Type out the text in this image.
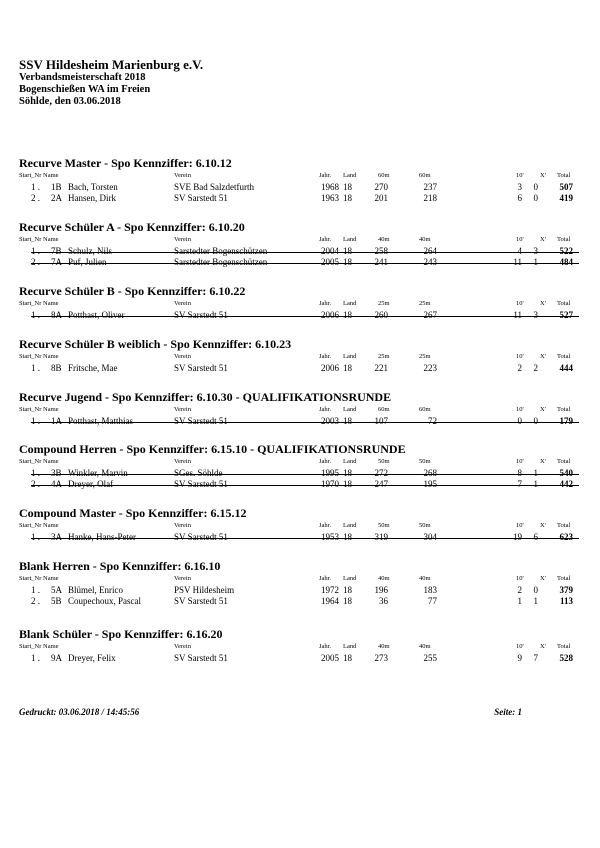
SSV Hildesheim Marienburg e.V.
Verbandsmeisterschaft 2018
Bogenschießen WA im Freien
Söhlde, den 03.06.2018
Recurve Master - Spo Kennziffer: 6.10.12
Start_Nr Name	Verein	Jahr. Land	60m	60m	10'	X' Total
1 . 1B Bach, Torsten	SVE Bad Salzdetfurth	1968 18	270	237	3 0 507
2 . 2A Hansen, Dirk	SV Sarstedt 51	1963 18	201	218	6 0 419
Recurve Schüler A - Spo Kennziffer: 6.10.20
Start_Nr Name	Verein	Jahr. Land	40m	40m	10'	X' Total
1 . 7B Schulz, Nils	Sarstedter Bogenschützen	2004 18	258	264	4 3 522
2 . 7A Puf, Julien	Sarstedter Bogenschützen	2005 18	241	243	11 1 484
Recurve Schüler B - Spo Kennziffer: 6.10.22
Start_Nr Name	Verein	Jahr. Land	25m	25m	10'	X' Total
1 . 8A Potthast, Oliver	SV Sarstedt 51	2006 18	260	267	11 3 527
Recurve Schüler B weiblich - Spo Kennziffer: 6.10.23
Start_Nr Name	Verein	Jahr. Land	25m	25m	10'	X' Total
1 . 8B Fritsche, Mae	SV Sarstedt 51	2006 18	221	223	2 2 444
Recurve Jugend - Spo Kennziffer: 6.10.30 - QUALIFIKATIONSRUNDE
Start_Nr Name	Verein	Jahr. Land	60m	60m	10'	X' Total
1 . 1A Potthast, Matthias	SV Sarstedt 51	2003 18	107	72	0 0 179
Compound Herren - Spo Kennziffer: 6.15.10 - QUALIFIKATIONSRUNDE
Start_Nr Name	Verein	Jahr. Land	50m	50m	10'	X' Total
1 . 3B Winkler, Marvin	SGes. Söhlde	1995 18	272	268	8 1 540
2 . 4A Dreyer, Olaf	SV Sarstedt 51	1970 18	247	195	7 1 442
Compound Master - Spo Kennziffer: 6.15.12
Start_Nr Name	Verein	Jahr. Land	50m	50m	10'	X' Total
1 . 3A Hanke, Hans-Peter	SV Sarstedt 51	1953 18	319	304	19 6 623
Blank Herren - Spo Kennziffer: 6.16.10
Start_Nr Name	Verein	Jahr. Land	40m	40m	10'	X' Total
1 . 5A Blümel, Enrico	PSV Hildesheim	1972 18	196	183	2 0 379
2 . 5B Coupechoux, Pascal	SV Sarstedt 51	1964 18	36	77	1 1 113
Blank Schüler - Spo Kennziffer: 6.16.20
Start_Nr Name	Verein	Jahr. Land	40m	40m	10'	X' Total
1 . 9A Dreyer, Felix	SV Sarstedt 51	2005 18	273	255	9 7 528
Gedruckt: 03.06.2018 / 14:45:56	Seite: 1
